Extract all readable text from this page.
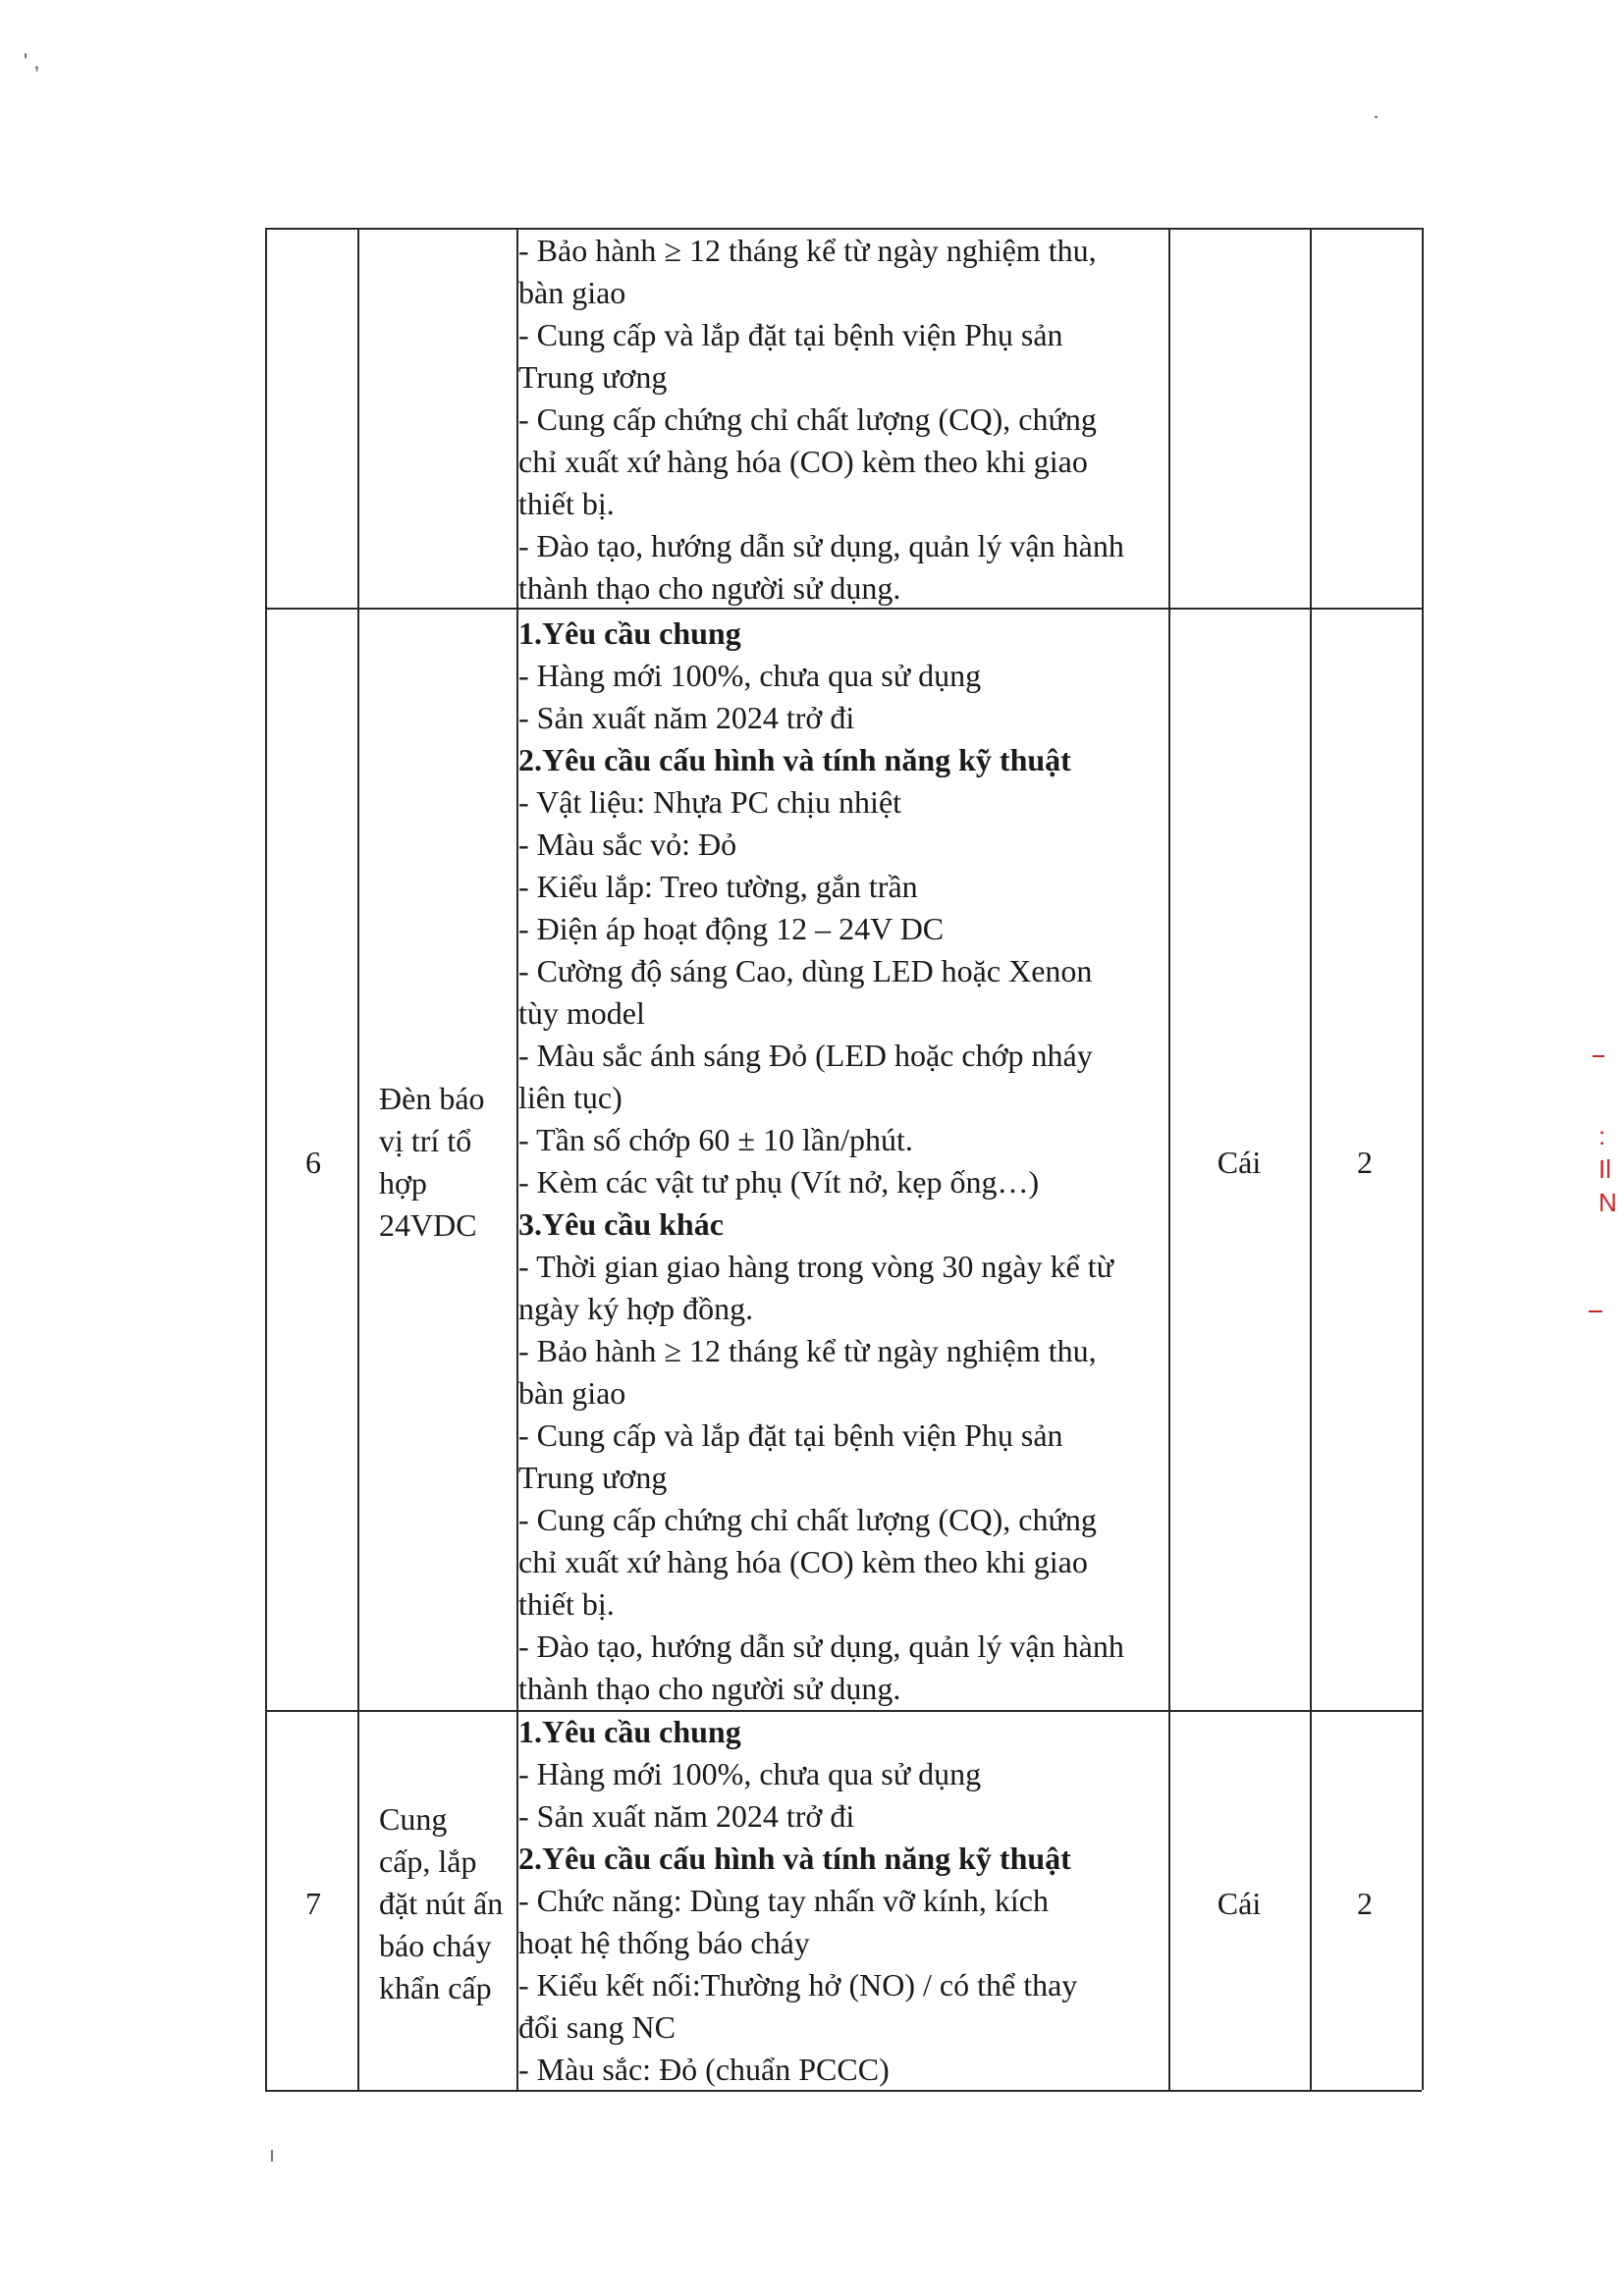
- Bảo hành ≥ 12 tháng kể từ ngày nghiệm thu,

bàn giao

- Cung cấp và lắp đặt tại bệnh viện Phụ sản

Trung ương

- Cung cấp chứng chỉ chất lượng (CQ), chứng

chỉ xuất xứ hàng hóa (CO) kèm theo khi giao

thiết bị.

- Đào tạo, hướng dẫn sử dụng, quản lý vận hành

thành thạo cho người sử dụng.

6
Đèn báo
vị trí tổ
hợp
24VDC

1.Yêu cầu chung

- Hàng mới 100%, chưa qua sử dụng

- Sản xuất năm 2024 trở đi

2.Yêu cầu cấu hình và tính năng kỹ thuật

- Vật liệu: Nhựa PC chịu nhiệt

- Màu sắc vỏ: Đỏ

- Kiểu lắp: Treo tường, gắn trần

- Điện áp hoạt động 12 – 24V DC

- Cường độ sáng Cao, dùng LED hoặc Xenon

tùy model

- Màu sắc ánh sáng Đỏ (LED hoặc chớp nháy

liên tục)

- Tần số chớp 60 ± 10 lần/phút.

- Kèm các vật tư phụ (Vít nở, kẹp ống…)

3.Yêu cầu khác

- Thời gian giao hàng trong vòng 30 ngày kể từ

ngày ký hợp đồng.

- Bảo hành ≥ 12 tháng kể từ ngày nghiệm thu,

bàn giao

- Cung cấp và lắp đặt tại bệnh viện Phụ sản

Trung ương

- Cung cấp chứng chỉ chất lượng (CQ), chứng

chỉ xuất xứ hàng hóa (CO) kèm theo khi giao

thiết bị.

- Đào tạo, hướng dẫn sử dụng, quản lý vận hành

thành thạo cho người sử dụng.

Cái	2
7
Cung
cấp, lắp
đặt nút ấn
báo cháy
khẩn cấp

1.Yêu cầu chung

- Hàng mới 100%, chưa qua sử dụng

- Sản xuất năm 2024 trở đi

2.Yêu cầu cấu hình và tính năng kỹ thuật

- Chức năng: Dùng tay nhấn vỡ kính, kích

hoạt hệ thống báo cháy

- Kiểu kết nối:Thường hở (NO) / có thể thay

đổi sang NC

- Màu sắc: Đỏ (chuẩn PCCC)

Cái	2
' ,
:
Il
N
